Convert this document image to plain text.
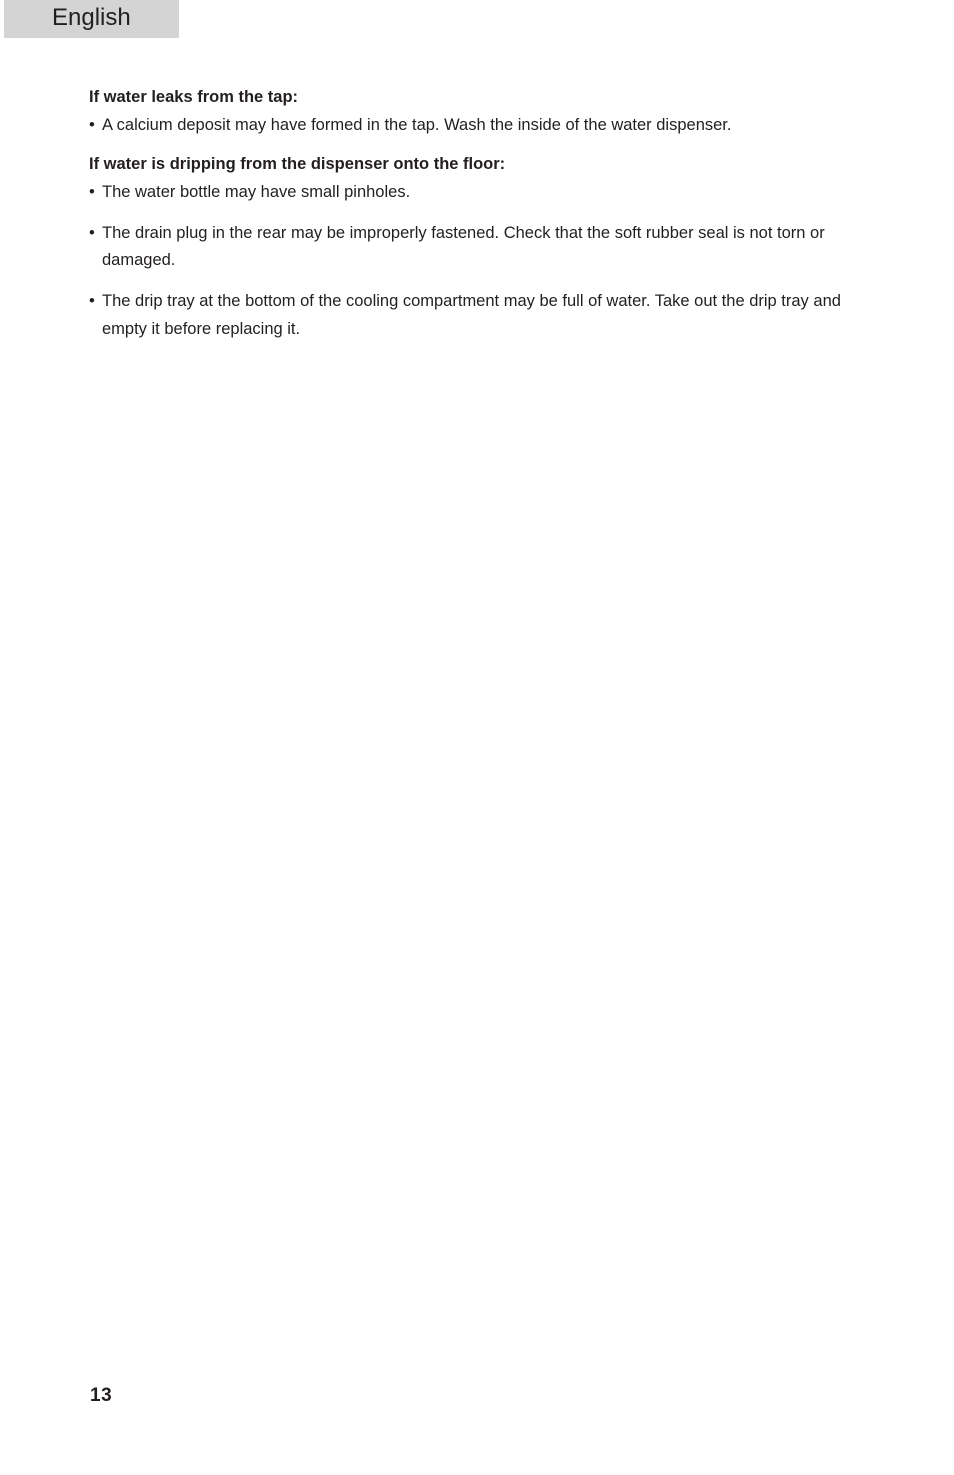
English

If water leaks from the tap:

• A calcium deposit may have formed in the tap. Wash the inside of the water dispenser.

If water is dripping from the dispenser onto the floor:

• The water bottle may have small pinholes.
• The drain plug in the rear may be improperly fastened. Check that the soft rubber seal is not torn or damaged.
• The drip tray at the bottom of the cooling compartment may be full of water. Take out the drip tray and empty it before replacing it.
13
